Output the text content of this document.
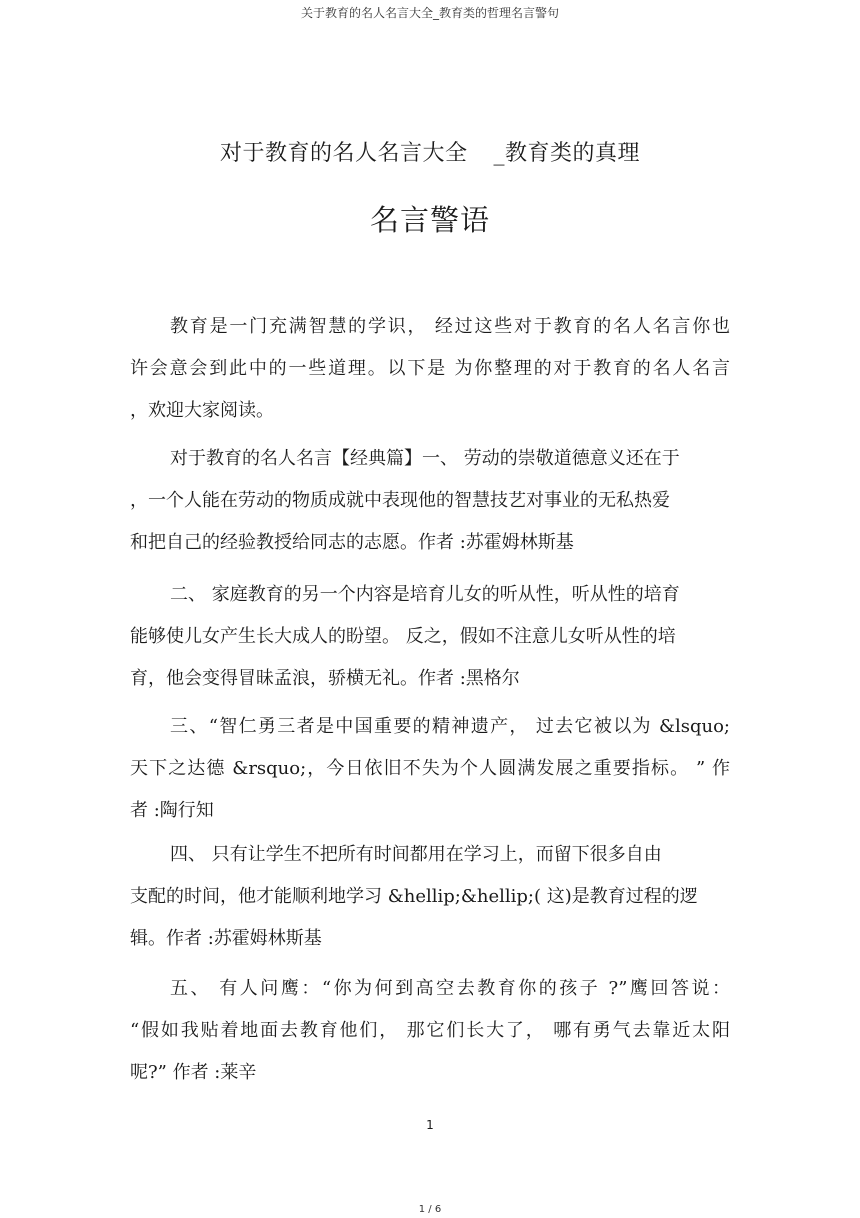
关于教育的名人名言大全_教育类的哲理名言警句
对于教育的名人名言大全 _教育类的真理
名言警语
教育是一门充满智慧的学识， 经过这些对于教育的名人名言你也
许会意会到此中的一些道理。以下是 为你整理的对于教育的名人名言
，欢迎大家阅读。
对于教育的名人名言【经典篇】一、 劳动的崇敬道德意义还在于
，一个人能在劳动的物质成就中表现他的智慧技艺对事业的无私热爱
和把自己的经验教授给同志的志愿。作者 :苏霍姆林斯基
二、 家庭教育的另一个内容是培育儿女的听从性，听从性的培育
能够使儿女产生长大成人的盼望。 反之，假如不注意儿女听从性的培
育，他会变得冒昧孟浪，骄横无礼。作者 :黑格尔
三、“智仁勇三者是中国重要的精神遗产， 过去它被以为 &lsquo;
天下之达德 &rsquo;，今日依旧不失为个人圆满发展之重要指标。 ” 作
者 :陶行知
四、 只有让学生不把所有时间都用在学习上，而留下很多自由
支配的时间，他才能顺利地学习 &hellip;&hellip;( 这)是教育过程的逻
辑。作者 :苏霍姆林斯基
五、 有人问鹰：“你为何到高空去教育你的孩子 ?”鹰回答说：
“假如我贴着地面去教育他们， 那它们长大了， 哪有勇气去靠近太阳
呢?” 作者 :莱辛
1
1 / 6
